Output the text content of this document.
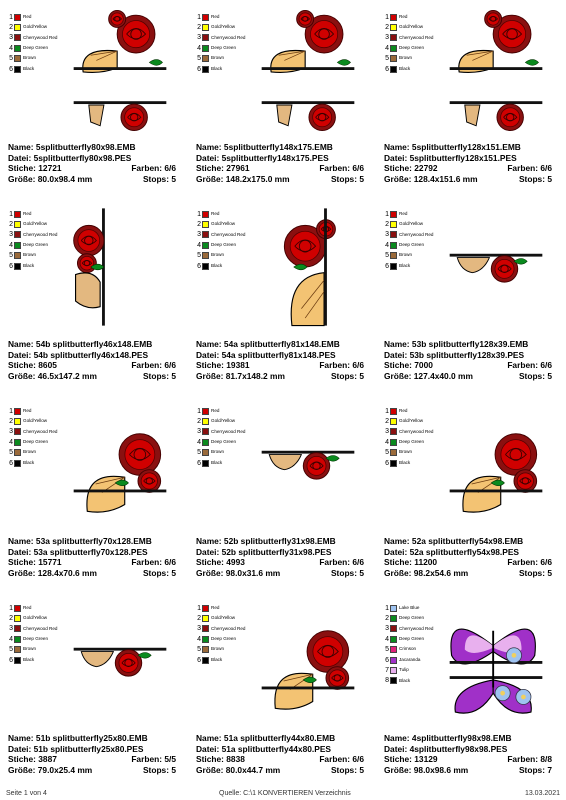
1 Red
2 Gold/Yellow
3 Cherrywood Red
4 Deep Green
5 Brown
6 Black
Name: 5splitbutterfly80x98.EMB
Datei: 5splitbutterfly80x98.PES
Stiche: 12721	Farben: 6/6
Größe: 80.0x98.4 mm	Stops: 5
1 Red
2 Gold/Yellow
3 Cherrywood Red
4 Deep Green
5 Brown
6 Black
Name: 5splitbutterfly148x175.EMB
Datei: 5splitbutterfly148x175.PES
Stiche: 27961	Farben: 6/6
Größe: 148.2x175.0 mm	Stops: 5
1 Red
2 Gold/Yellow
3 Cherrywood Red
4 Deep Green
5 Brown
6 Black
Name: 5splitbutterfly128x151.EMB
Datei: 5splitbutterfly128x151.PES
Stiche: 22792	Farben: 6/6
Größe: 128.4x151.6 mm	Stops: 5
1 Red
2 Gold/Yellow
3 Cherrywood Red
4 Deep Green
5 Brown
6 Black
Name: 54b splitbutterfly46x148.EMB
Datei: 54b splitbutterfly46x148.PES
Stiche: 8605	Farben: 6/6
Größe: 46.5x147.2 mm	Stops: 5
1 Red
2 Gold/Yellow
3 Cherrywood Red
4 Deep Green
5 Brown
6 Black
Name: 54a splitbutterfly81x148.EMB
Datei: 54a splitbutterfly81x148.PES
Stiche: 19381	Farben: 6/6
Größe: 81.7x148.2 mm	Stops: 5
1 Red
2 Gold/Yellow
3 Cherrywood Red
4 Deep Green
5 Brown
6 Black
Name: 53b splitbutterfly128x39.EMB
Datei: 53b splitbutterfly128x39.PES
Stiche: 7000	Farben: 6/6
Größe: 127.4x40.0 mm	Stops: 5
1 Red
2 Gold/Yellow
3 Cherrywood Red
4 Deep Green
5 Brown
6 Black
Name: 53a splitbutterfly70x128.EMB
Datei: 53a splitbutterfly70x128.PES
Stiche: 15771	Farben: 6/6
Größe: 128.4x70.6 mm	Stops: 5
1 Red
2 Gold/Yellow
3 Cherrywood Red
4 Deep Green
5 Brown
6 Black
Name: 52b splitbutterfly31x98.EMB
Datei: 52b splitbutterfly31x98.PES
Stiche: 4993	Farben: 6/6
Größe: 98.0x31.6 mm	Stops: 5
1 Red
2 Gold/Yellow
3 Cherrywood Red
4 Deep Green
5 Brown
6 Black
Name: 52a splitbutterfly54x98.EMB
Datei: 52a splitbutterfly54x98.PES
Stiche: 11200	Farben: 6/6
Größe: 98.2x54.6 mm	Stops: 5
1 Red
2 Gold/Yellow
3 Cherrywood Red
4 Deep Green
5 Brown
6 Black
Name: 51b splitbutterfly25x80.EMB
Datei: 51b splitbutterfly25x80.PES
Stiche: 3887	Farben: 5/5
Größe: 79.0x25.4 mm	Stops: 5
1 Red
2 Gold/Yellow
3 Cherrywood Red
4 Deep Green
5 Brown
6 Black
Name: 51a splitbutterfly44x80.EMB
Datei: 51a splitbutterfly44x80.PES
Stiche: 8838	Farben: 6/6
Größe: 80.0x44.7 mm	Stops: 5
1 Lake Blue
2 Deep Green
3 Cherrywood Red
4 Deep Green
5 Crimson
6 Jacaranda
7 Tulip
8 Black
Name: 4splitbutterfly98x98.EMB
Datei: 4splitbutterfly98x98.PES
Stiche: 13129	Farben: 8/8
Größe: 98.0x98.6 mm	Stops: 7
Seite 1 von 4	Quelle: C:\1 KONVERTIEREN Verzeichnis	13.03.2021
